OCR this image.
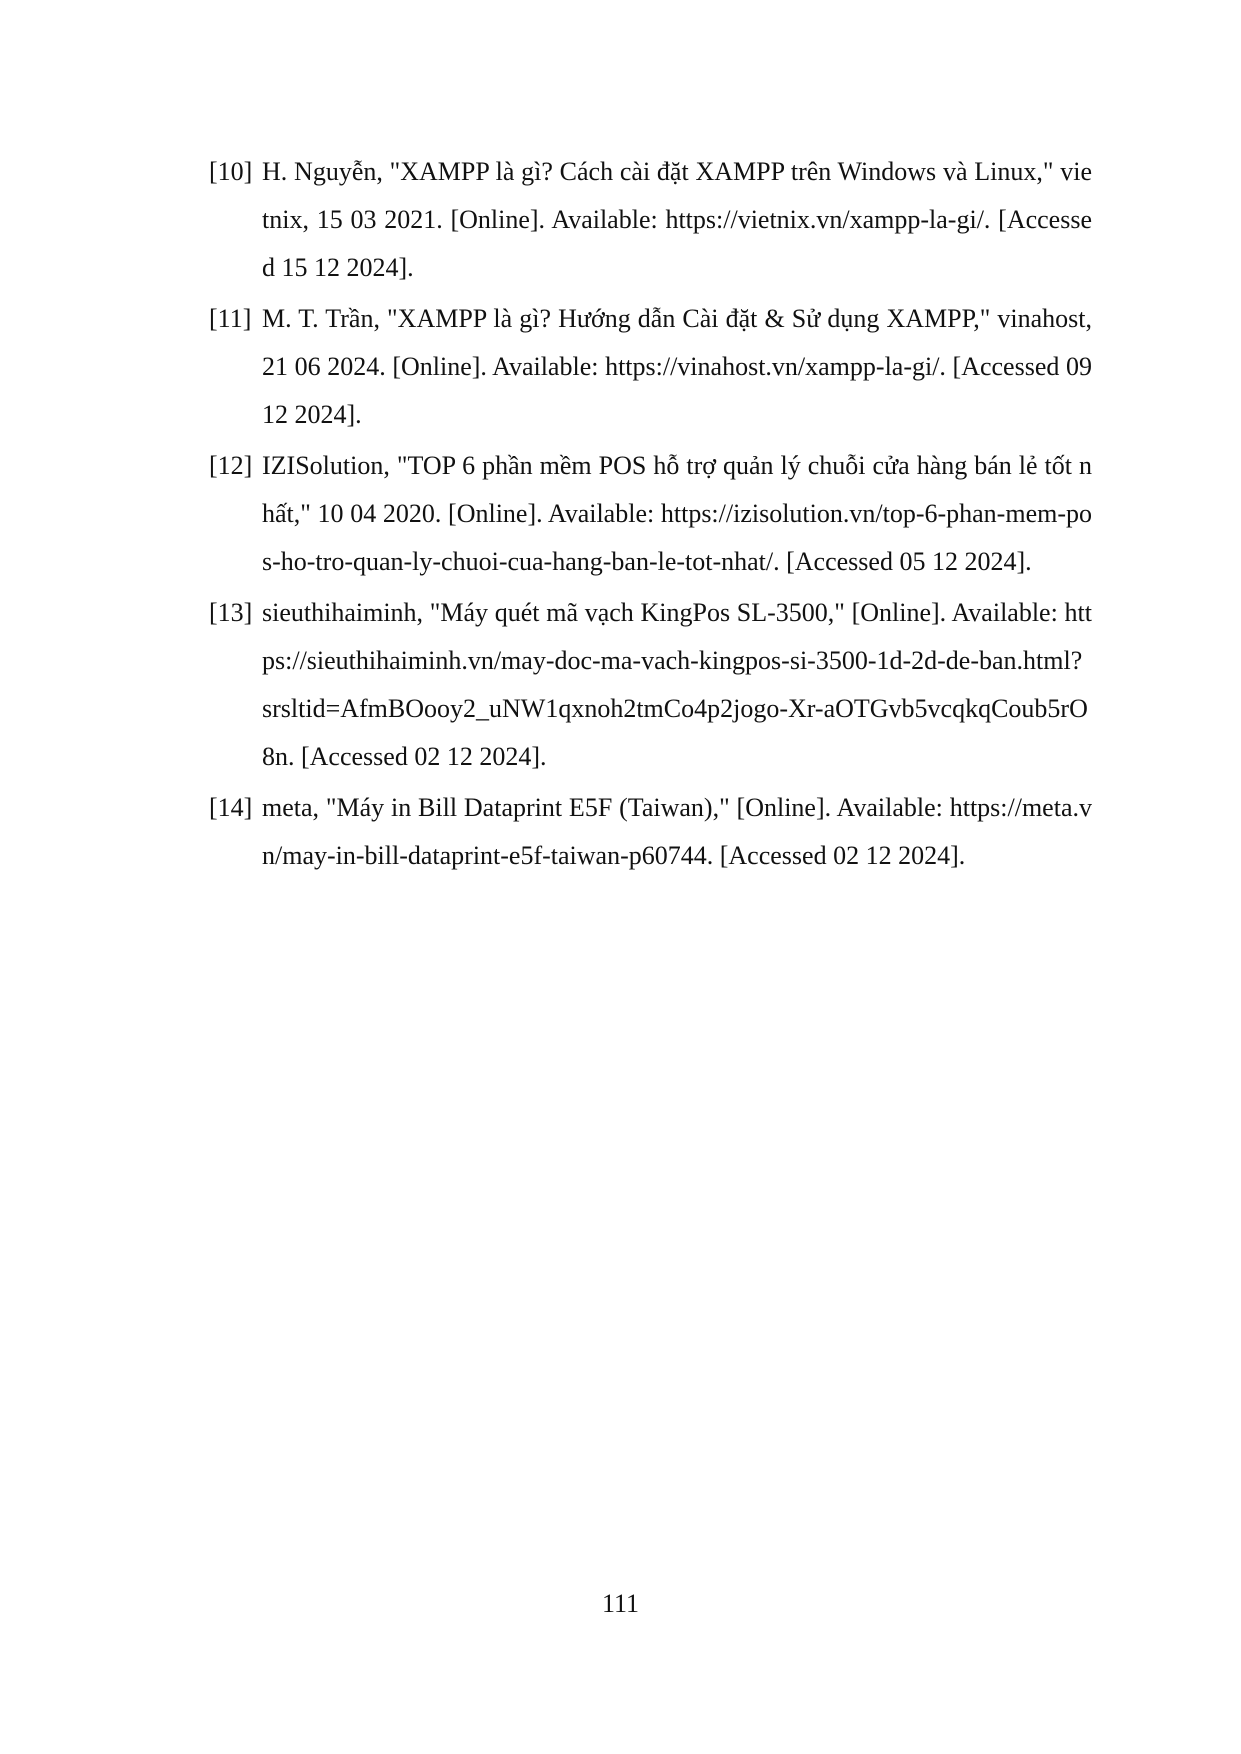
[10] H. Nguyễn, "XAMPP là gì? Cách cài đặt XAMPP trên Windows và Linux," vietnix, 15 03 2021. [Online]. Available: https://vietnix.vn/xampp-la-gi/. [Accessed 15 12 2024].
[11] M. T. Trần, "XAMPP là gì? Hướng dẫn Cài đặt & Sử dụng XAMPP," vinahost, 21 06 2024. [Online]. Available: https://vinahost.vn/xampp-la-gi/. [Accessed 09 12 2024].
[12] IZISolution, "TOP 6 phần mềm POS hỗ trợ quản lý chuỗi cửa hàng bán lẻ tốt nhất," 10 04 2020. [Online]. Available: https://izisolution.vn/top-6-phan-mem-pos-ho-tro-quan-ly-chuoi-cua-hang-ban-le-tot-nhat/. [Accessed 05 12 2024].
[13] sieuthihaiminh, "Máy quét mã vạch KingPos SL-3500," [Online]. Available: https://sieuthihaiminh.vn/may-doc-ma-vach-kingpos-si-3500-1d-2d-de-ban.html?srsltid=AfmBOooy2_uNW1qxnoh2tmCo4p2jogo-Xr-aOTGvb5vcqkqCoub5rO8n. [Accessed 02 12 2024].
[14] meta, "Máy in Bill Dataprint E5F (Taiwan)," [Online]. Available: https://meta.vn/may-in-bill-dataprint-e5f-taiwan-p60744. [Accessed 02 12 2024].
111
